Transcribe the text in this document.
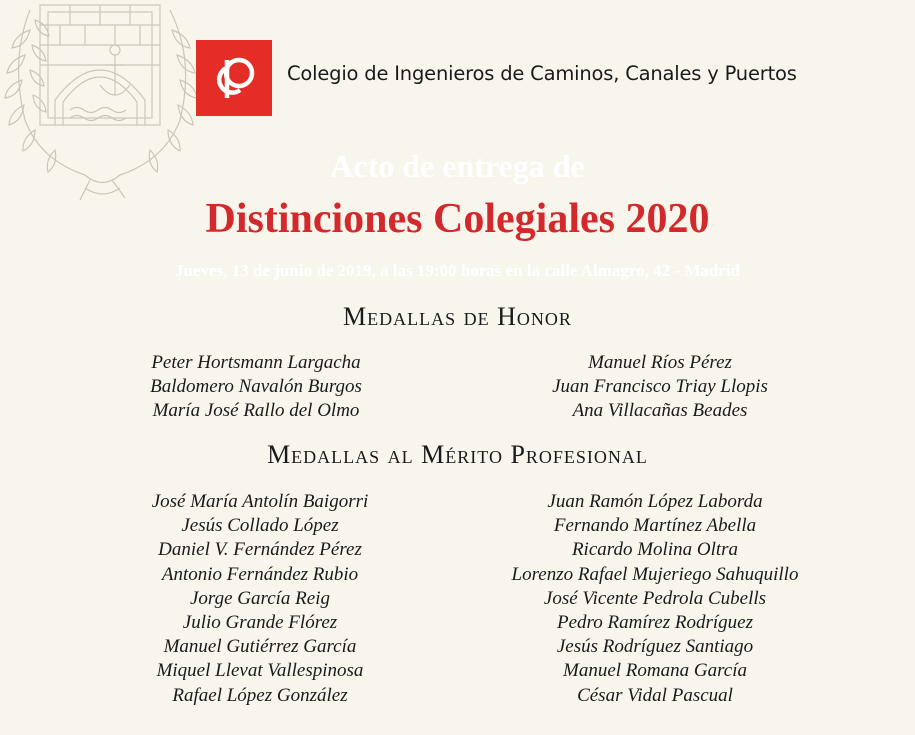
Colegio de Ingenieros de Caminos, Canales y Puertos
Acto de entrega de
Distinciones Colegiales 2020
Jueves, 13 de junio de 2019, a las 19:00 horas en la calle Almagro, 42 - Madrid
Medallas de Honor
Peter Hortsmann Largacha
Baldomero Navalón Burgos
María José Rallo del Olmo
Manuel Ríos Pérez
Juan Francisco Triay Llopis
Ana Villacañas Beades
Medallas al Mérito Profesional
José María Antolín Baigorri
Jesús Collado López
Daniel V. Fernández Pérez
Antonio Fernández Rubio
Jorge García Reig
Julio Grande Flórez
Manuel Gutiérrez García
Miquel Llevat Vallespinosa
Rafael López González
Juan Ramón López Laborda
Fernando Martínez Abella
Ricardo Molina Oltra
Lorenzo Rafael Mujeriego Sahuquillo
José Vicente Pedrola Cubells
Pedro Ramírez Rodríguez
Jesús Rodríguez Santiago
Manuel Romana García
César Vidal Pascual
